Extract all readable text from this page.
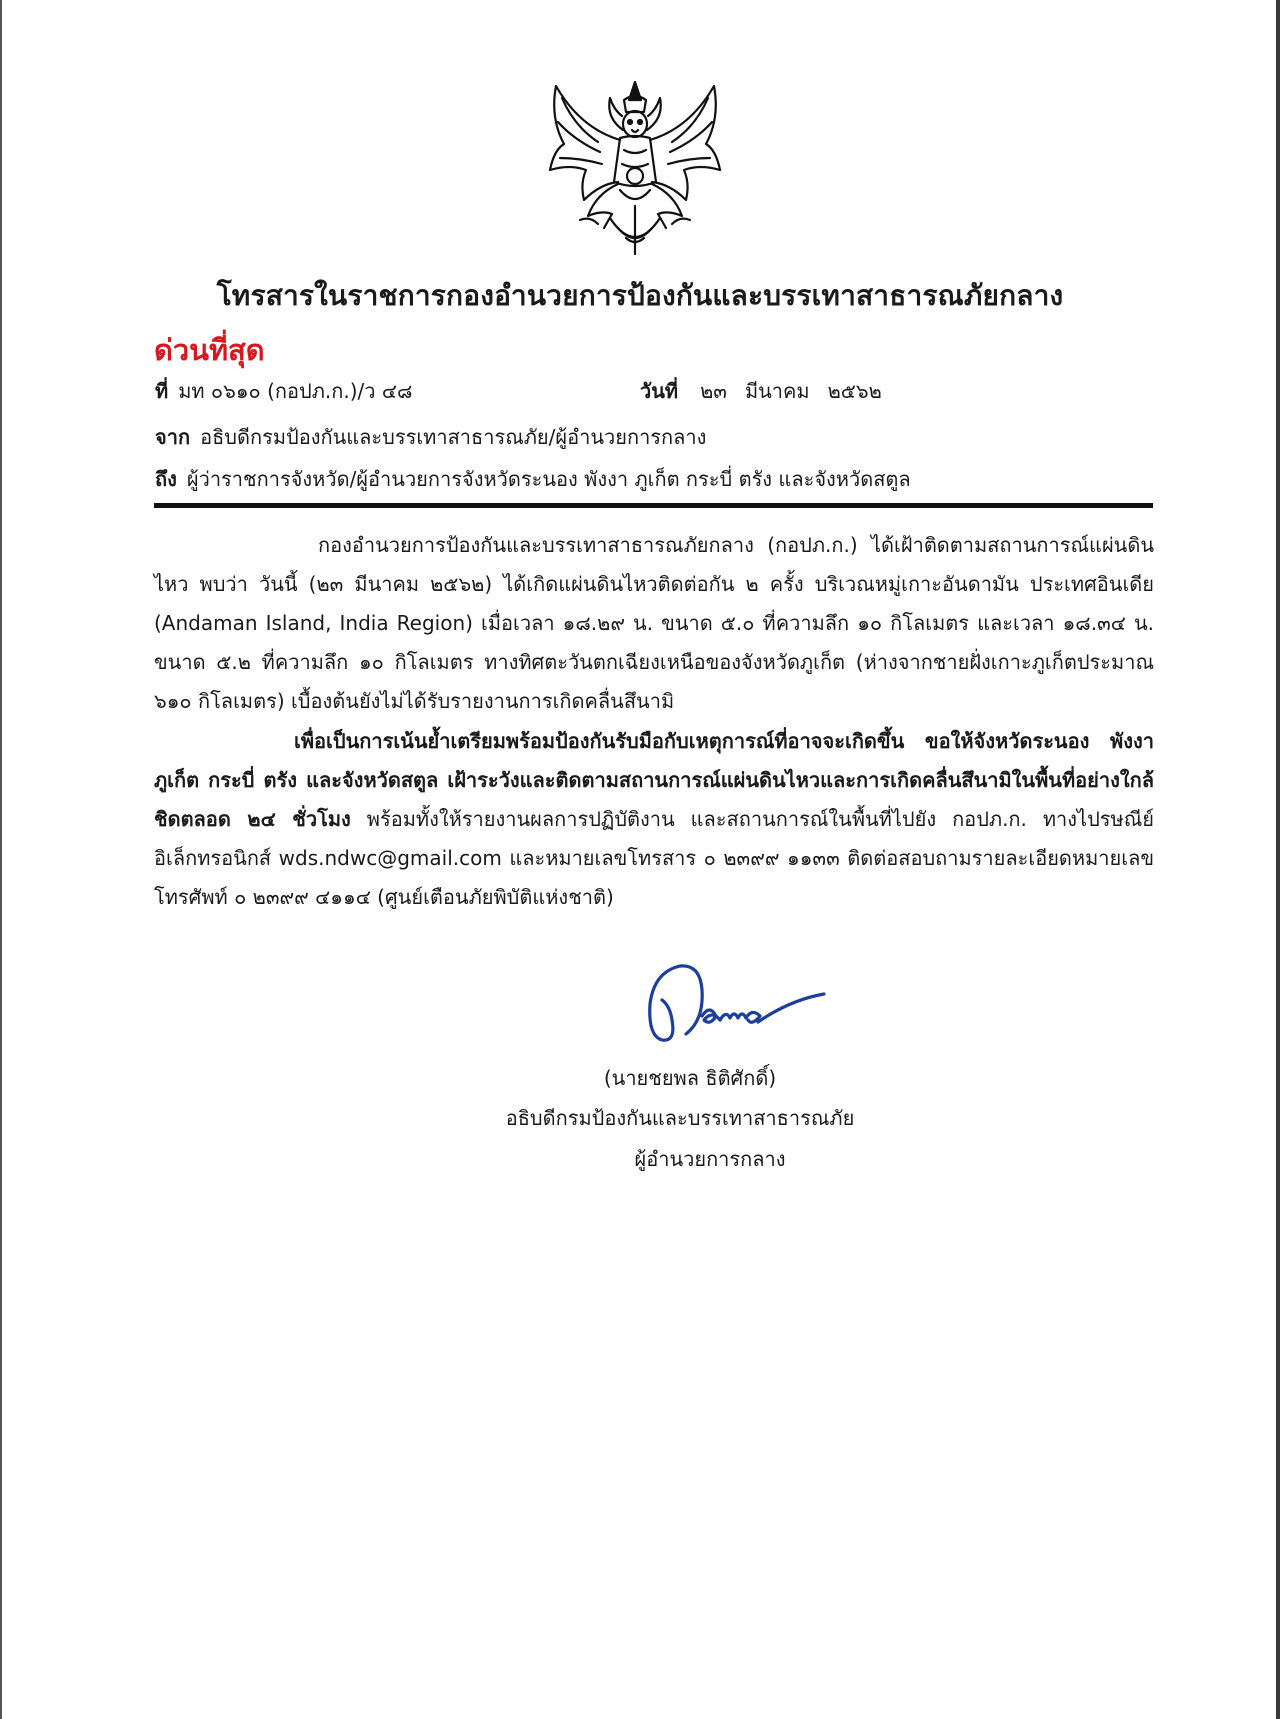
โทรสารในราชการกองอำนวยการป้องกันและบรรเทาสาธารณภัยกลาง
ด่วนที่สุด
ที่ มท ๐๖๑๐ (กอปภ.ก.)/ว ๔๘	วันที่ ๒๓ มีนาคม ๒๕๖๒
จาก อธิบดีกรมป้องกันและบรรเทาสาธารณภัย/ผู้อำนวยการกลาง
ถึง ผู้ว่าราชการจังหวัด/ผู้อำนวยการจังหวัดระนอง พังงา ภูเก็ต กระบี่ ตรัง และจังหวัดสตูล
กองอำนวยการป้องกันและบรรเทาสาธารณภัยกลาง (กอปภ.ก.) ได้เฝ้าติดตามสถานการณ์แผ่นดินไหว พบว่า วันนี้ (๒๓ มีนาคม ๒๕๖๒) ได้เกิดแผ่นดินไหวติดต่อกัน ๒ ครั้ง บริเวณหมู่เกาะอันดามัน ประเทศอินเดีย (Andaman Island, India Region) เมื่อเวลา ๑๘.๒๙ น. ขนาด ๕.๐ ที่ความลึก ๑๐ กิโลเมตร และเวลา ๑๘.๓๔ น. ขนาด ๕.๒ ที่ความลึก ๑๐ กิโลเมตร ทางทิศตะวันตกเฉียงเหนือของจังหวัดภูเก็ต (ห่างจากชายฝั่งเกาะภูเก็ตประมาณ ๖๑๐ กิโลเมตร) เบื้องต้นยังไม่ได้รับรายงานการเกิดคลื่นสึนามิ
เพื่อเป็นการเน้นย้ำเตรียมพร้อมป้องกันรับมือกับเหตุการณ์ที่อาจจะเกิดขึ้น ขอให้จังหวัดระนอง พังงา ภูเก็ต กระบี่ ตรัง และจังหวัดสตูล เฝ้าระวังและติดตามสถานการณ์แผ่นดินไหวและการเกิดคลื่นสึนามิในพื้นที่อย่างใกล้ชิดตลอด ๒๔ ชั่วโมง พร้อมทั้งให้รายงานผลการปฏิบัติงาน และสถานการณ์ในพื้นที่ไปยัง กอปภ.ก. ทางไปรษณีย์อิเล็กทรอนิกส์ wds.ndwc@gmail.com และหมายเลขโทรสาร ๐ ๒๓๙๙ ๑๑๓๓ ติดต่อสอบถามรายละเอียดหมายเลขโทรศัพท์ ๐ ๒๓๙๙ ๔๑๑๔ (ศูนย์เตือนภัยพิบัติแห่งชาติ)
(นายชยพล ธิติศักดิ์)
อธิบดีกรมป้องกันและบรรเทาสาธารณภัย
ผู้อำนวยการกลาง
